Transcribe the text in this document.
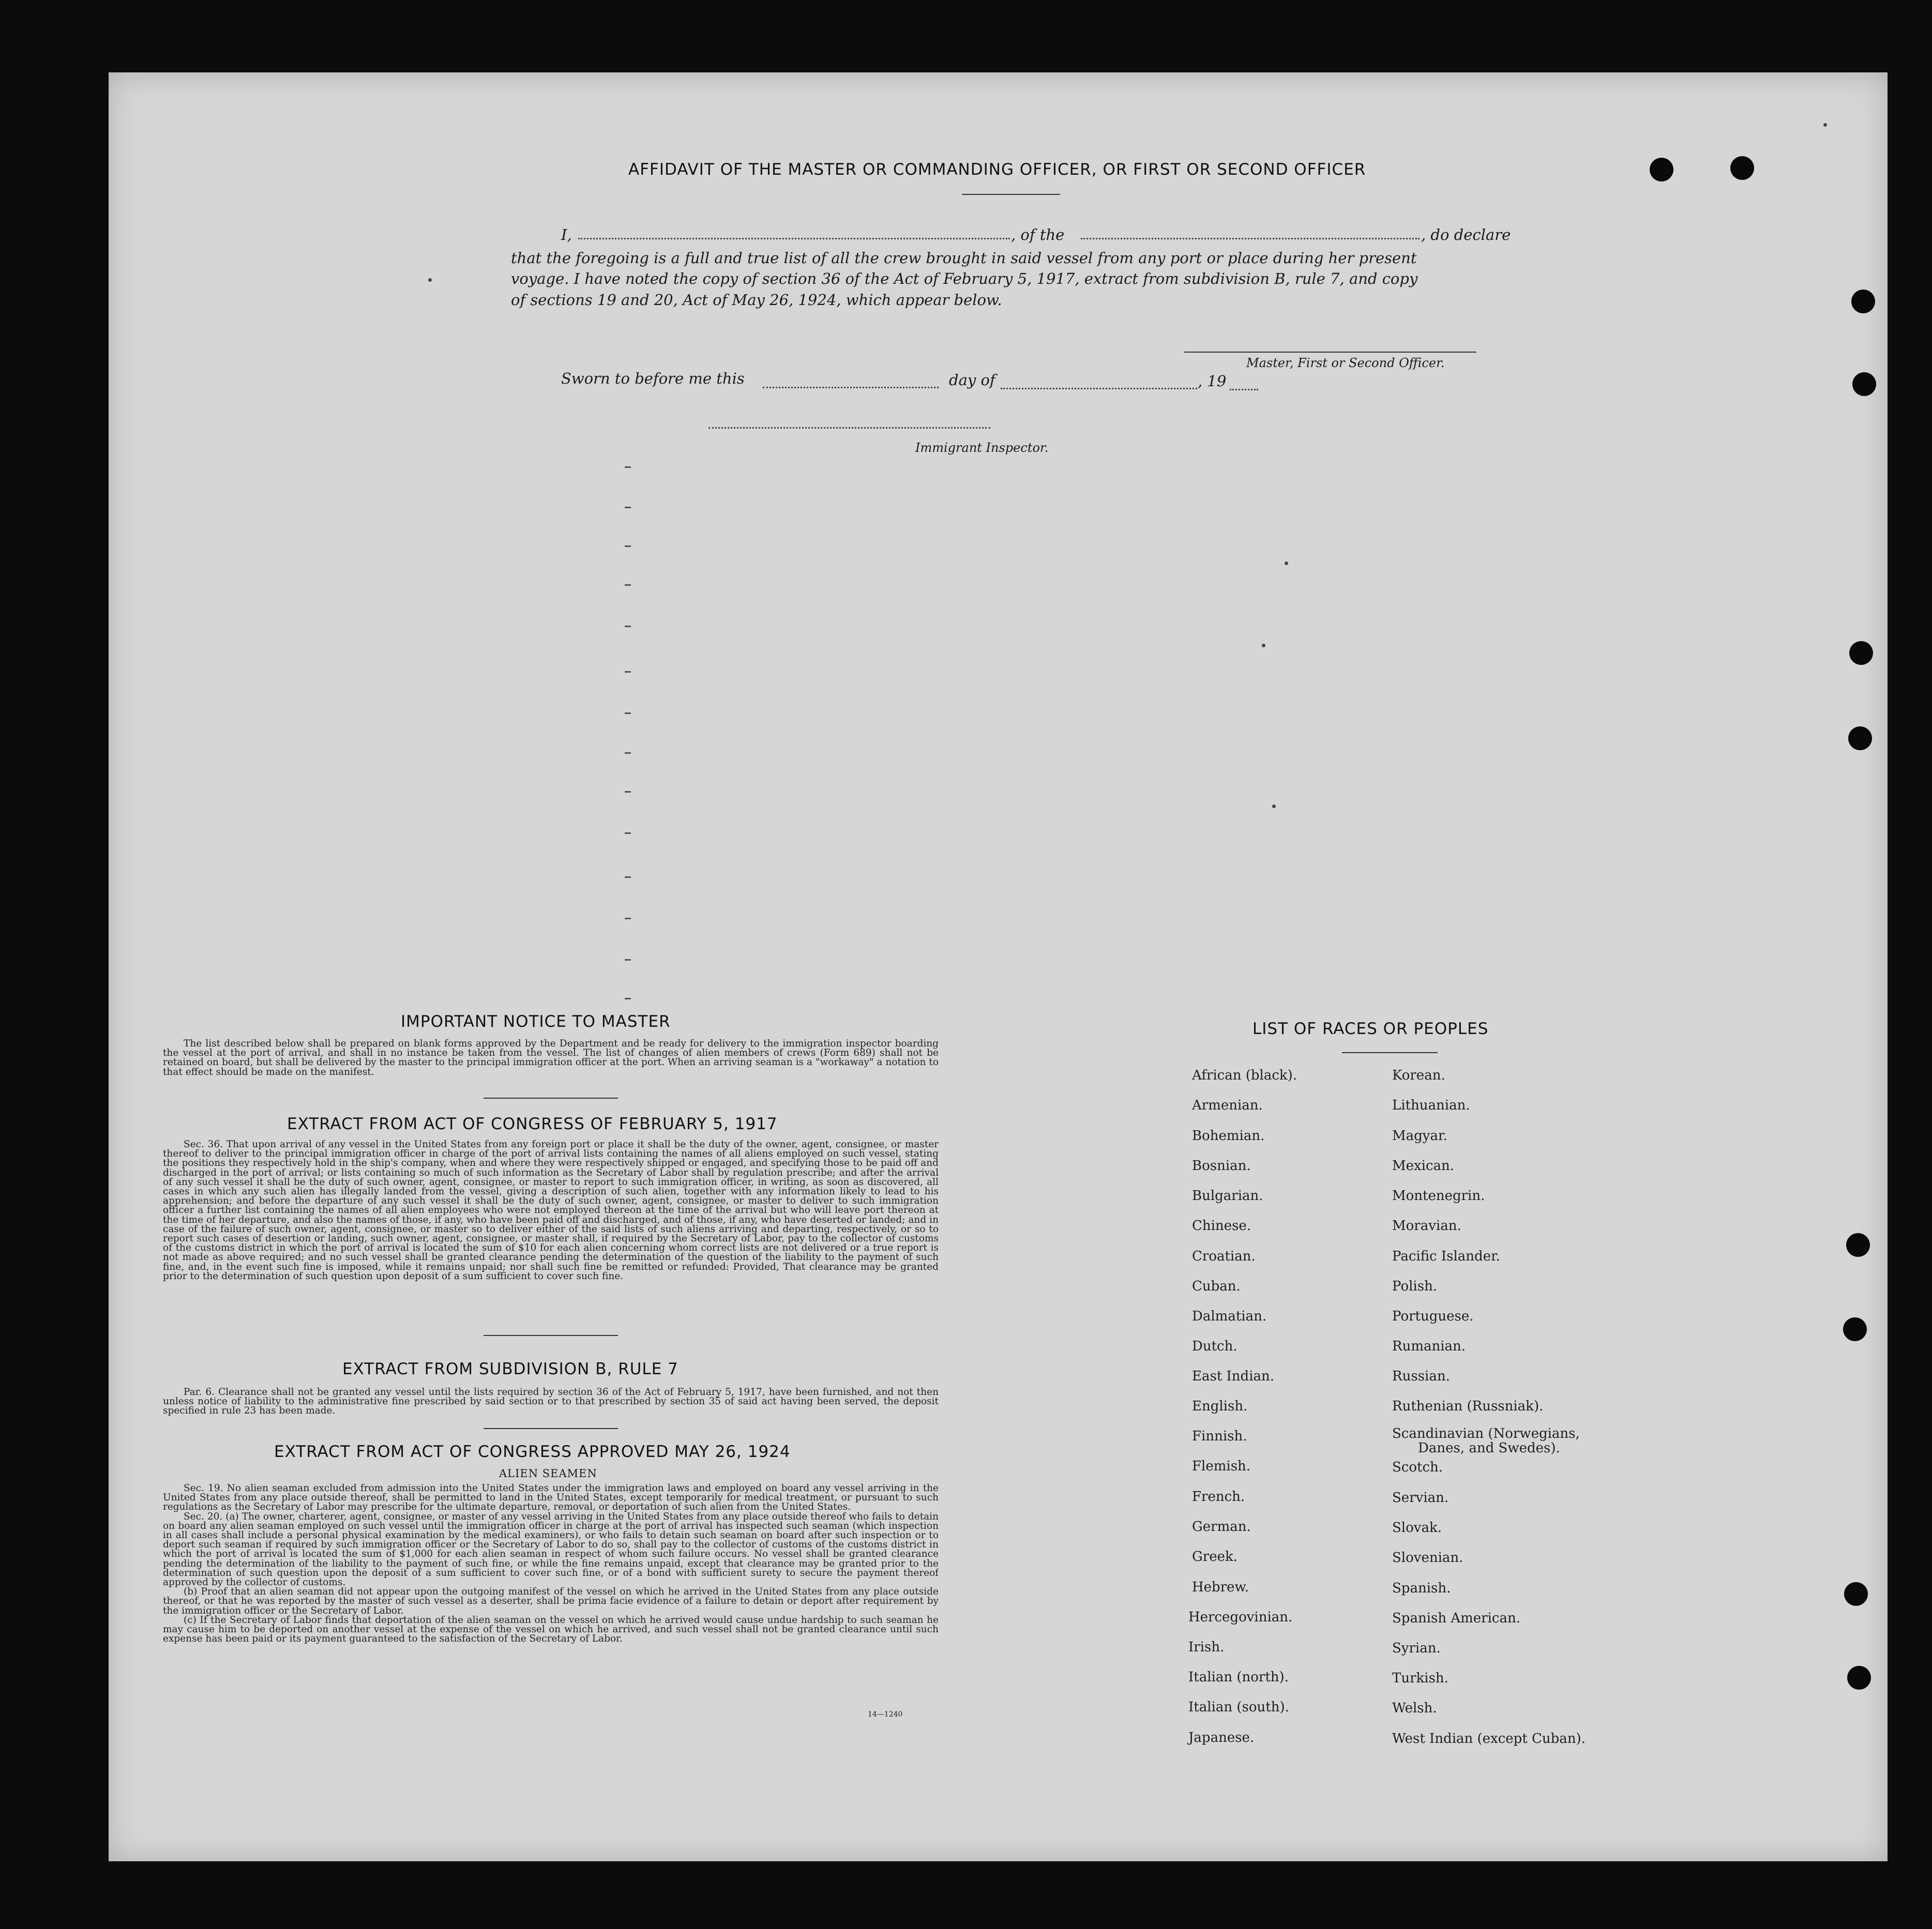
AFFIDAVIT OF THE MASTER OR COMMANDING OFFICER, OR FIRST OR SECOND OFFICER
I,	, of the	, do declare
that the foregoing is a full and true list of all the crew brought in said vessel from any port or place during her present
voyage. I have noted the copy of section 36 of the Act of February 5, 1917, extract from subdivision B, rule 7, and copy
of sections 19 and 20, Act of May 26, 1924, which appear below.
Master, First or Second Officer.
Sworn to before me this	day of	, 19
Immigrant Inspector.
IMPORTANT NOTICE TO MASTER

The list described below shall be prepared on blank forms approved by the Department and be ready for delivery to the immigration inspector boarding the vessel at the port of arrival, and shall in no instance be taken from the vessel. The list of changes of alien members of crews (Form 689) shall not be retained on board, but shall be delivered by the master to the principal immigration officer at the port. When an arriving seaman is a "workaway" a notation to that effect should be made on the manifest.

EXTRACT FROM ACT OF CONGRESS OF FEBRUARY 5, 1917

Sec. 36. That upon arrival of any vessel in the United States from any foreign port or place it shall be the duty of the owner, agent, consignee, or master thereof to deliver to the principal immigration officer in charge of the port of arrival lists containing the names of all aliens employed on such vessel, stating the positions they respectively hold in the ship's company, when and where they were respectively shipped or engaged, and specifying those to be paid off and discharged in the port of arrival; or lists containing so much of such information as the Secretary of Labor shall by regulation prescribe; and after the arrival of any such vessel it shall be the duty of such owner, agent, consignee, or master to report to such immigration officer, in writing, as soon as discovered, all cases in which any such alien has illegally landed from the vessel, giving a description of such alien, together with any information likely to lead to his apprehension; and before the departure of any such vessel it shall be the duty of such owner, agent, consignee, or master to deliver to such immigration officer a further list containing the names of all alien employees who were not employed thereon at the time of the arrival but who will leave port thereon at the time of her departure, and also the names of those, if any, who have been paid off and discharged, and of those, if any, who have deserted or landed; and in case of the failure of such owner, agent, consignee, or master so to deliver either of the said lists of such aliens arriving and departing, respectively, or so to report such cases of desertion or landing, such owner, agent, consignee, or master shall, if required by the Secretary of Labor, pay to the collector of customs of the customs district in which the port of arrival is located the sum of $10 for each alien concerning whom correct lists are not delivered or a true report is not made as above required; and no such vessel shall be granted clearance pending the determination of the question of the liability to the payment of such fine, and, in the event such fine is imposed, while it remains unpaid; nor shall such fine be remitted or refunded: Provided, That clearance may be granted prior to the determination of such question upon deposit of a sum sufficient to cover such fine.

EXTRACT FROM SUBDIVISION B, RULE 7

Par. 6. Clearance shall not be granted any vessel until the lists required by section 36 of the Act of February 5, 1917, have been furnished, and not then unless notice of liability to the administrative fine prescribed by said section or to that prescribed by section 35 of said act having been served, the deposit specified in rule 23 has been made.

EXTRACT FROM ACT OF CONGRESS APPROVED MAY 26, 1924
ALIEN SEAMEN

Sec. 19. No alien seaman excluded from admission into the United States under the immigration laws and employed on board any vessel arriving in the United States from any place outside thereof, shall be permitted to land in the United States, except temporarily for medical treatment, or pursuant to such regulations as the Secretary of Labor may prescribe for the ultimate departure, removal, or deportation of such alien from the United States.

Sec. 20. (a) The owner, charterer, agent, consignee, or master of any vessel arriving in the United States from any place outside thereof who fails to detain on board any alien seaman employed on such vessel until the immigration officer in charge at the port of arrival has inspected such seaman (which inspection in all cases shall include a personal physical examination by the medical examiners), or who fails to detain such seaman on board after such inspection or to deport such seaman if required by such immigration officer or the Secretary of Labor to do so, shall pay to the collector of customs of the customs district in which the port of arrival is located the sum of $1,000 for each alien seaman in respect of whom such failure occurs. No vessel shall be granted clearance pending the determination of the liability to the payment of such fine, or while the fine remains unpaid, except that clearance may be granted prior to the determination of such question upon the deposit of a sum sufficient to cover such fine, or of a bond with sufficient surety to secure the payment thereof approved by the collector of customs.

(b) Proof that an alien seaman did not appear upon the outgoing manifest of the vessel on which he arrived in the United States from any place outside thereof, or that he was reported by the master of such vessel as a deserter, shall be prima facie evidence of a failure to detain or deport after requirement by the immigration officer or the Secretary of Labor.

(c) If the Secretary of Labor finds that deportation of the alien seaman on the vessel on which he arrived would cause undue hardship to such seaman he may cause him to be deported on another vessel at the expense of the vessel on which he arrived, and such vessel shall not be granted clearance until such expense has been paid or its payment guaranteed to the satisfaction of the Secretary of Labor.

14—1240
LIST OF RACES OR PEOPLES
African (black).
Armenian.
Bohemian.
Bosnian.
Bulgarian.
Chinese.
Croatian.
Cuban.
Dalmatian.
Dutch.
East Indian.
English.
Finnish.
Flemish.
French.
German.
Greek.
Hebrew.
Hercegovinian.
Irish.
Italian (north).
Italian (south).
Japanese.
Korean.
Lithuanian.
Magyar.
Mexican.
Montenegrin.
Moravian.
Pacific Islander.
Polish.
Portuguese.
Rumanian.
Russian.
Ruthenian (Russniak).
Scandinavian (Norwegians,
Danes, and Swedes).
Scotch.
Servian.
Slovak.
Slovenian.
Spanish.
Spanish American.
Syrian.
Turkish.
Welsh.
West Indian (except Cuban).
